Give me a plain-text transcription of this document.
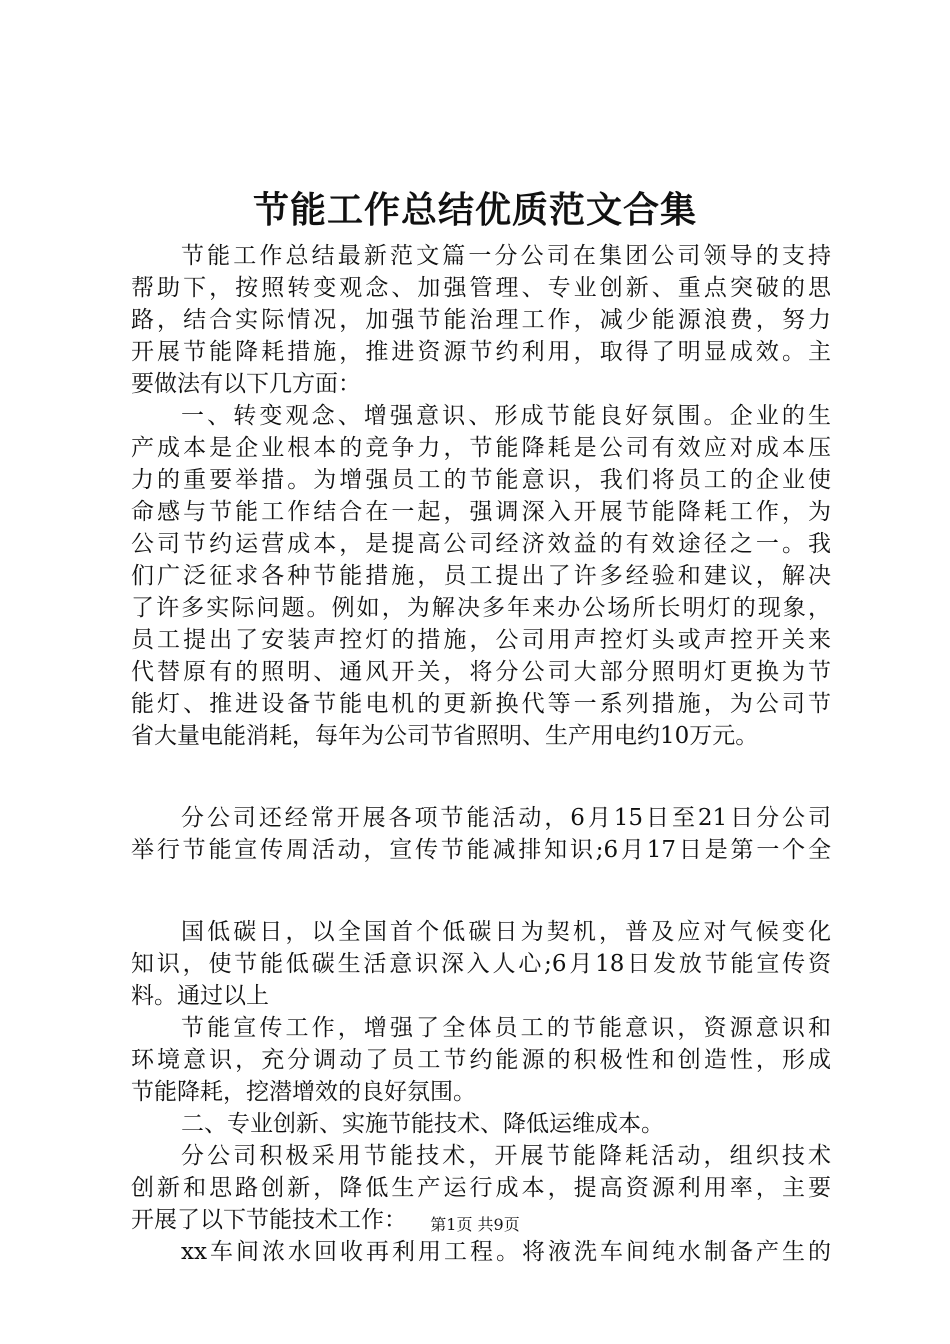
节能工作总结优质范文合集
节能工作总结最新范文篇一分公司在集团公司领导的支持
帮助下，按照转变观念、加强管理、专业创新、重点突破的思
路，结合实际情况，加强节能治理工作，减少能源浪费，努力
开展节能降耗措施，推进资源节约利用，取得了明显成效。主
要做法有以下几方面：
一、转变观念、增强意识、形成节能良好氛围。企业的生
产成本是企业根本的竞争力，节能降耗是公司有效应对成本压
力的重要举措。为增强员工的节能意识，我们将员工的企业使
命感与节能工作结合在一起，强调深入开展节能降耗工作，为
公司节约运营成本，是提高公司经济效益的有效途径之一。我
们广泛征求各种节能措施，员工提出了许多经验和建议，解决
了许多实际问题。例如，为解决多年来办公场所长明灯的现象，
员工提出了安装声控灯的措施，公司用声控灯头或声控开关来
代替原有的照明、通风开关，将分公司大部分照明灯更换为节
能灯、推进设备节能电机的更新换代等一系列措施，为公司节
省大量电能消耗，每年为公司节省照明、生产用电约10万元。
分公司还经常开展各项节能活动，6月15日至21日分公司
举行节能宣传周活动，宣传节能减排知识;6月17日是第一个全
国低碳日，以全国首个低碳日为契机，普及应对气候变化
知识，使节能低碳生活意识深入人心;6月18日发放节能宣传资
料。通过以上
节能宣传工作，增强了全体员工的节能意识，资源意识和
环境意识，充分调动了员工节约能源的积极性和创造性，形成
节能降耗，挖潜增效的良好氛围。
二、专业创新、实施节能技术、降低运维成本。
分公司积极采用节能技术，开展节能降耗活动，组织技术
创新和思路创新，降低生产运行成本，提高资源利用率，主要
开展了以下节能技术工作：
xx车间浓水回收再利用工程。将液洗车间纯水制备产生的
第1页 共9页
